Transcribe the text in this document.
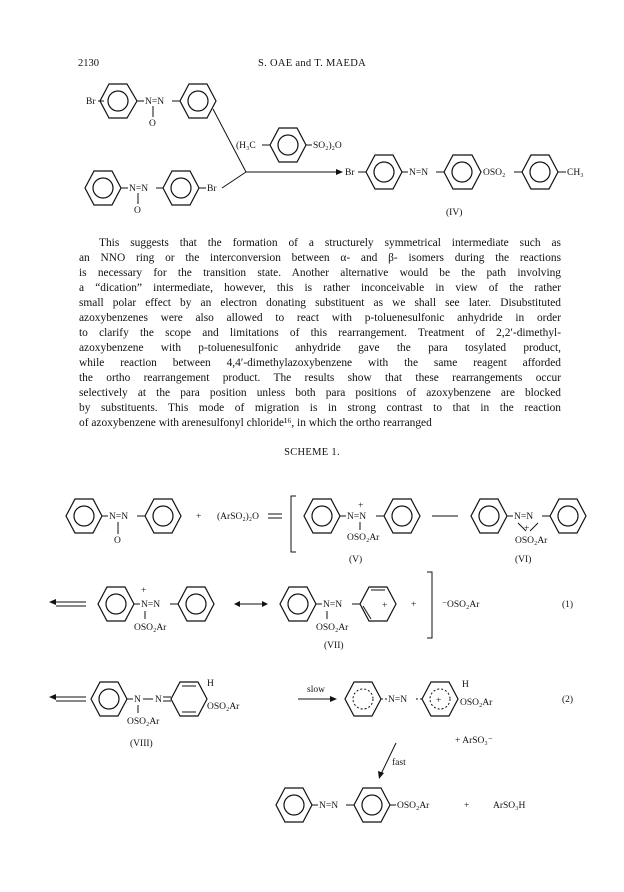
2130	S. OAE and T. MAEDA
Br	N=N
O
N=N
O
Br
(H₃C	SO₂)₂O
Br	N=N	OSO₂	CH₃
(IV)
N=N
O
+ (ArSO₂)₂O	N=N
+
OSO₂Ar
(V)
N=N
+
OSO₂Ar
(VI)
+
N=N
OSO₂Ar
N=N
OSO₂Ar
+
(VII)
+	⁻OSO₂Ar	(1)
N N
OSO₂Ar
H
OSO₂Ar
(VIII)
slow
N=N	+
H
OSO₂Ar	(2)
+ ArSO₃⁻
fast
N=N	OSO₂Ar	+ ArSO₃H

This suggests that the formation of a structurely symmetrical intermediate such as

an NNO ring or the interconversion between α- and β- isomers during the reactions

is necessary for the transition state. Another alternative would be the path involving

a “dication” intermediate, however, this is rather inconceivable in view of the rather

small polar effect by an electron donating substituent as we shall see later. Disubstituted

azoxybenzenes were also allowed to react with p-toluenesulfonic anhydride in order

to clarify the scope and limitations of this rearrangement. Treatment of 2,2′-dimethyl-

azoxybenzene with p-toluenesulfonic anhydride gave the para tosylated product,

while reaction between 4,4′-dimethylazoxybenzene with the same reagent afforded

the ortho rearrangement product. The results show that these rearrangements occur

selectively at the para position unless both para positions of azoxybenzene are blocked

by substituents. This mode of migration is in strong contrast to that in the reaction

of azoxybenzene with arenesulfonyl chloride¹⁶, in which the ortho rearranged

SCHEME 1.
